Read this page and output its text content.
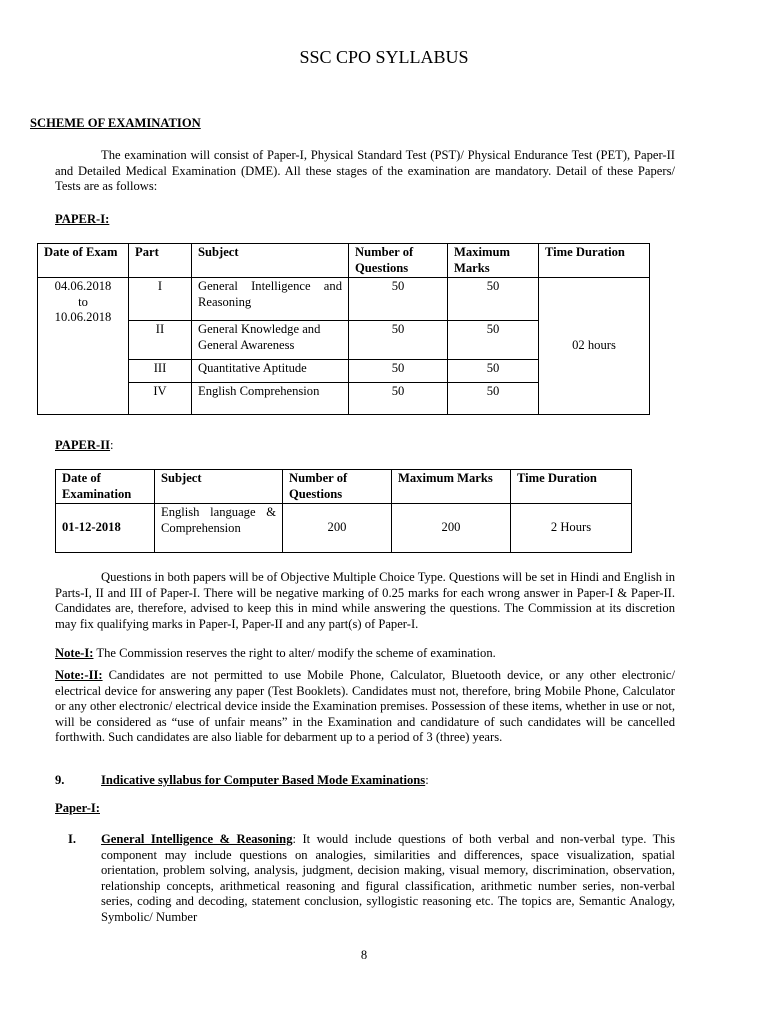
SSC CPO SYLLABUS
SCHEME OF EXAMINATION
The examination will consist of Paper-I, Physical Standard Test (PST)/ Physical Endurance Test (PET), Paper-II and Detailed Medical Examination (DME). All these stages of the examination are mandatory. Detail of these Papers/ Tests are as follows:
PAPER-I:
Date of Exam	Part	Subject	Number of Questions	Maximum Marks	Time Duration

04.06.2018
to
10.06.2018	I	General Intelligence and Reasoning	50	50	02 hours
	II	General Knowledge and General Awareness	50	50	
	III	Quantitative Aptitude	50	50	
	IV	English Comprehension	50	50	
PAPER-II:
Date of Examination	Subject	Number of Questions	Maximum Marks	Time Duration
01-12-2018	English language & Comprehension	200	200	2 Hours
Questions in both papers will be of Objective Multiple Choice Type. Questions will be set in Hindi and English in Parts-I, II and III of Paper-I. There will be negative marking of 0.25 marks for each wrong answer in Paper-I & Paper-II. Candidates are, therefore, advised to keep this in mind while answering the questions. The Commission at its discretion may fix qualifying marks in Paper-I, Paper-II and any part(s) of Paper-I.
Note-I: The Commission reserves the right to alter/ modify the scheme of examination.
Note:-II: Candidates are not permitted to use Mobile Phone, Calculator, Bluetooth device, or any other electronic/ electrical device for answering any paper (Test Booklets). Candidates must not, therefore, bring Mobile Phone, Calculator or any other electronic/ electrical device inside the Examination premises. Possession of these items, whether in use or not, will be considered as “use of unfair means” in the Examination and candidature of such candidates will be cancelled forthwith. Such candidates are also liable for debarment up to a period of 3 (three) years.
9.	Indicative syllabus for Computer Based Mode Examinations:
Paper-I:
I. General Intelligence & Reasoning: It would include questions of both verbal and non-verbal type. This component may include questions on analogies, similarities and differences, space visualization, spatial orientation, problem solving, analysis, judgment, decision making, visual memory, discrimination, observation, relationship concepts, arithmetical reasoning and figural classification, arithmetic number series, non-verbal series, coding and decoding, statement conclusion, syllogistic reasoning etc. The topics are, Semantic Analogy, Symbolic/ Number
8
